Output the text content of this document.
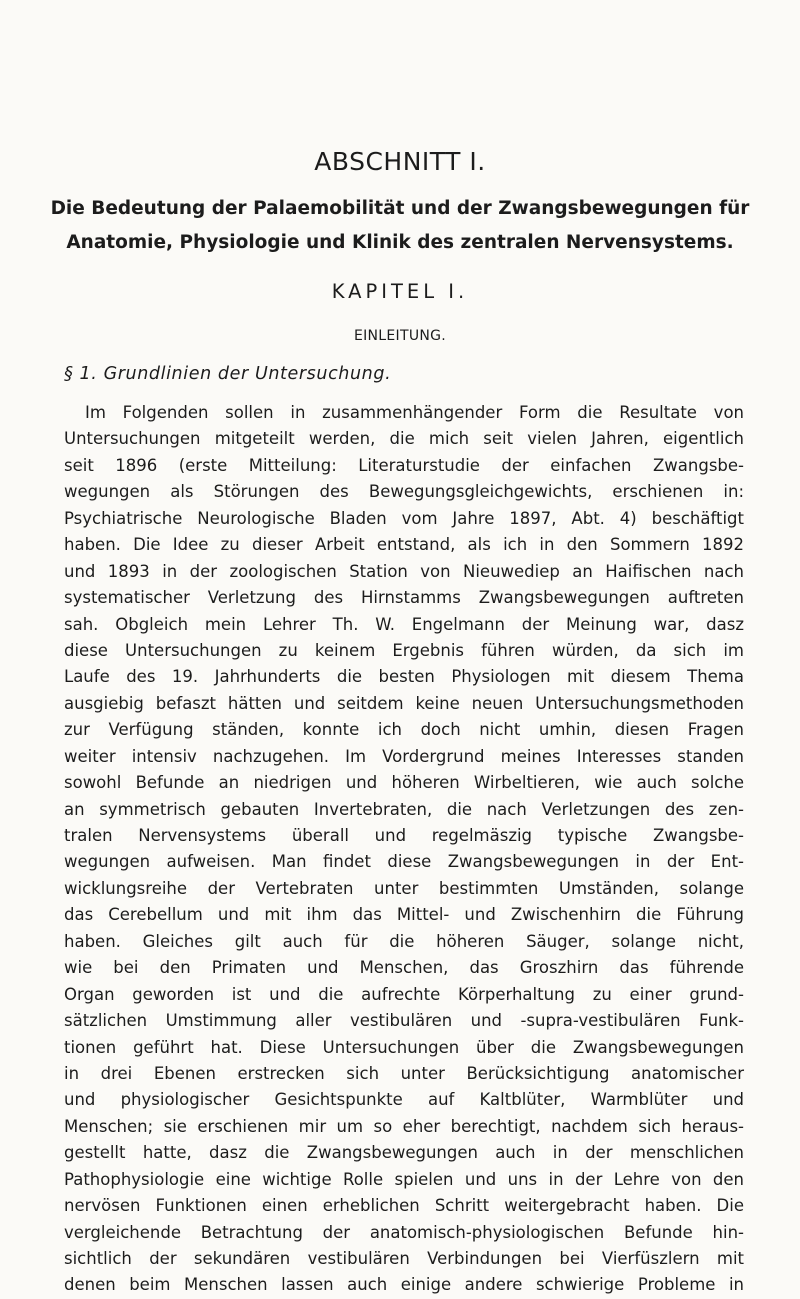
ABSCHNITT I.
Die Bedeutung der Palaemobilität und der Zwangsbewegungen für
Anatomie, Physiologie und Klinik des zentralen Nervensystems.
KAPITEL I.
EINLEITUNG.
§ 1. Grundlinien der Untersuchung.
Im Folgenden sollen in zusammenhängender Form die Resultate von
Untersuchungen mitgeteilt werden, die mich seit vielen Jahren, eigentlich
seit 1896 (erste Mitteilung: Literaturstudie der einfachen Zwangsbe-
wegungen als Störungen des Bewegungsgleichgewichts, erschienen in:
Psychiatrische Neurologische Bladen vom Jahre 1897, Abt. 4) beschäftigt
haben. Die Idee zu dieser Arbeit entstand, als ich in den Sommern 1892
und 1893 in der zoologischen Station von Nieuwediep an Haifischen nach
systematischer Verletzung des Hirnstamms Zwangsbewegungen auftreten
sah. Obgleich mein Lehrer Th. W. Engelmann der Meinung war, dasz
diese Untersuchungen zu keinem Ergebnis führen würden, da sich im
Laufe des 19. Jahrhunderts die besten Physiologen mit diesem Thema
ausgiebig befaszt hätten und seitdem keine neuen Untersuchungsmethoden
zur Verfügung ständen, konnte ich doch nicht umhin, diesen Fragen
weiter intensiv nachzugehen. Im Vordergrund meines Interesses standen
sowohl Befunde an niedrigen und höheren Wirbeltieren, wie auch solche
an symmetrisch gebauten Invertebraten, die nach Verletzungen des zen-
tralen Nervensystems überall und regelmäszig typische Zwangsbe-
wegungen aufweisen. Man findet diese Zwangsbewegungen in der Ent-
wicklungsreihe der Vertebraten unter bestimmten Umständen, solange
das Cerebellum und mit ihm das Mittel- und Zwischenhirn die Führung
haben. Gleiches gilt auch für die höheren Säuger, solange nicht,
wie bei den Primaten und Menschen, das Groszhirn das führende
Organ geworden ist und die aufrechte Körperhaltung zu einer grund-
sätzlichen Umstimmung aller vestibulären und -supra-vestibulären Funk-
tionen geführt hat. Diese Untersuchungen über die Zwangsbewegungen
in drei Ebenen erstrecken sich unter Berücksichtigung anatomischer
und physiologischer Gesichtspunkte auf Kaltblüter, Warmblüter und
Menschen; sie erschienen mir um so eher berechtigt, nachdem sich heraus-
gestellt hatte, dasz die Zwangsbewegungen auch in der menschlichen
Pathophysiologie eine wichtige Rolle spielen und uns in der Lehre von den
nervösen Funktionen einen erheblichen Schritt weitergebracht haben. Die
vergleichende Betrachtung der anatomisch-physiologischen Befunde hin-
sichtlich der sekundären vestibulären Verbindungen bei Vierfüszlern mit
denen beim Menschen lassen auch einige andere schwierige Probleme in
